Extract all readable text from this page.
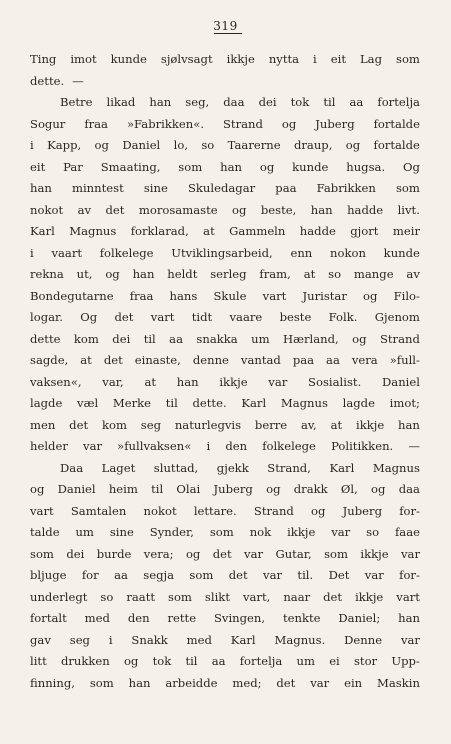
319
Ting imot kunde sjølvsagt ikkje nytta i eit Lag som
dette. —
Betre likad han seg, daa dei tok til aa fortelja
Sogur fraa »Fabrikken«. Strand og Juberg fortalde
i Kapp, og Daniel lo, so Taarerne draup, og fortalde
eit Par Smaating, som han og kunde hugsa. Og
han minntest sine Skuledagar paa Fabrikken som
nokot av det morosamaste og beste, han hadde livt.
Karl Magnus forklarad, at Gammeln hadde gjort meir
i vaart folkelege Utviklingsarbeid, enn nokon kunde
rekna ut, og han heldt serleg fram, at so mange av
Bondegutarne fraa hans Skule vart Juristar og Filo-
logar. Og det vart tidt vaare beste Folk. Gjenom
dette kom dei til aa snakka um Hærland, og Strand
sagde, at det einaste, denne vantad paa aa vera »full-
vaksen«, var, at han ikkje var Sosialist. Daniel
lagde væl Merke til dette. Karl Magnus lagde imot;
men det kom seg naturlegvis berre av, at ikkje han
helder var »fullvaksen« i den folkelege Politikken. —
Daa Laget sluttad, gjekk Strand, Karl Magnus
og Daniel heim til Olai Juberg og drakk Øl, og daa
vart Samtalen nokot lettare. Strand og Juberg for-
talde um sine Synder, som nok ikkje var so faae
som dei burde vera; og det var Gutar, som ikkje var
bljuge for aa segja som det var til. Det var for-
underlegt so raatt som slikt vart, naar det ikkje vart
fortalt med den rette Svingen, tenkte Daniel; han
gav seg i Snakk med Karl Magnus. Denne var
litt drukken og tok til aa fortelja um ei stor Upp-
finning, som han arbeidde med; det var ein Maskin
